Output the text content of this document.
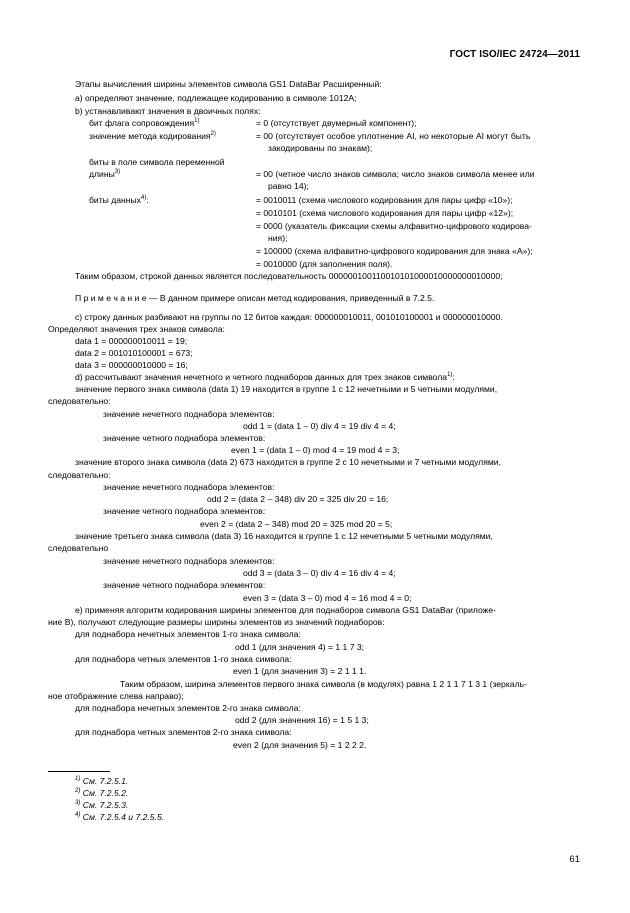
ГОСТ ISO/IEC 24724—2011
Этапы вычисления ширины элементов символа GS1 DataBar Расширенный:
а) определяют значение, подлежащее кодированию в символе 1012А;
b) устанавливают значения в двоичных полях:
бит флага сопровождения$^{1)}$	= 0 (отсутствует двумерный компонент);
значение метода кодирования$^{2)}$	= 00 (отсутствует особое уплотнение AI, но некоторые AI могут быть
закодированы по знакам);
биты в поле символа переменной
длины$^{3)}$	= 00 (четное число знаков символа; число знаков символа менее или
равно 14);
биты данных$^{4)}$:	= 0010011 (схема числового кодирования для пары цифр «10»);
= 0010101 (схема числового кодирования для пары цифр «12»);
= 0000 (указатель фиксации схемы алфавитно-цифрового кодирова-
ния);
= 100000 (схема алфавитно-цифрового кодирования для знака «А»);
= 0010000 (для заполнения поля).
Таким образом, строкой данных является последовательность 000000100110010101000010000000010000;
П р и м е ч а н и е — В данном примере описан метод кодирования, приведенный в 7.2.5.
с) строку данных разбивают на группы по 12 битов каждая: 000000010011, 001010100001 и 000000010000.
Определяют значения трех знаков символа:
data 1 = 000000010011 = 19;
data 2 = 001010100001 = 673;
data 3 = 000000010000 = 16;
d) рассчитывают значения нечетного и четного поднаборов данных для трех знаков символа$^{1)}$:
значение первого знака символа (data 1) 19 находится в группе 1 с 12 нечетными и 5 четными модулями,
следовательно:
значение нечетного поднабора элементов:
odd 1 = (data 1 – 0) div 4 = 19 div 4 = 4;
значение четного поднабора элементов:
even 1 = (data 1 – 0) mod 4 = 19 mod 4 = 3;
значение второго знака символа (data 2) 673 находится в группе 2 с 10 нечетными и 7 четными модулями,
следовательно:
значение нечетного поднабора элементов:
odd 2 = (data 2 – 348) div 20 = 325 div 20 = 16;
значение четного поднабора элементов:
even 2 = (data 2 – 348) mod 20 = 325 mod 20 = 5;
значение третьего знака символа (data 3) 16 находится в группе 1 с 12 нечетными 5 четными модулями,
следовательно
значение нечетного поднабора элементов:
odd 3 = (data 3 – 0) div 4 = 16 div 4 = 4;
значение четного поднабора элементов:
even 3 = (data 3 – 0) mod 4 = 16 mod 4 = 0;
е) применяя алгоритм кодирования ширины элементов для поднаборов символа GS1 DataBar (приложе-
ние В), получают следующие размеры ширины элементов из значений поднаборов:
для поднабора нечетных элементов 1-го знака символа:
odd 1 (для значения 4) = 1 1 7 3;
для поднабора четных элементов 1-го знака символа:
even 1 (для значения 3) = 2 1 1 1.
Таким образом, ширина элементов первого знака символа (в модулях) равна 1 2 1 1 7 1 3 1 (зеркаль-
ное отображение слева направо);
для поднабора нечетных элементов 2-го знака символа:
odd 2 (для значения 16) = 1 5 1 3;
для поднабора четных элементов 2-го знака символа:
even 2 (для значения 5) = 1 2 2 2.
$^{1)}$ См. 7.2.5.1.
$^{2)}$ См. 7.2.5.2.
$^{3)}$ См. 7.2.5.3.
$^{4)}$ См. 7.2.5.4 и 7.2.5.5.
61
